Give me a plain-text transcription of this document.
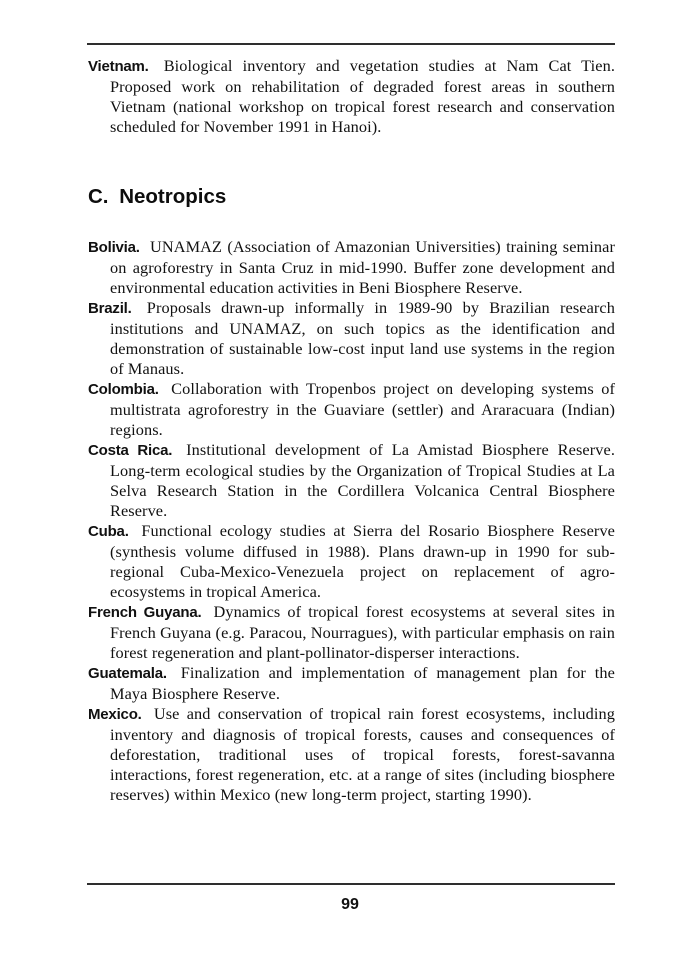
Vietnam. Biological inventory and vegetation studies at Nam Cat Tien. Proposed work on rehabilitation of degraded forest areas in southern Vietnam (national workshop on tropical forest research and conservation scheduled for November 1991 in Hanoi).

C. Neotropics

Bolivia. UNAMAZ (Association of Amazonian Universities) training seminar on agroforestry in Santa Cruz in mid-1990. Buffer zone development and environmental education activities in Beni Biosphere Reserve.

Brazil. Proposals drawn-up informally in 1989-90 by Brazilian research institutions and UNAMAZ, on such topics as the identification and demonstration of sustainable low-cost input land use systems in the region of Manaus.

Colombia. Collaboration with Tropenbos project on developing systems of multistrata agroforestry in the Guaviare (settler) and Araracuara (Indian) regions.

Costa Rica. Institutional development of La Amistad Biosphere Reserve. Long-term ecological studies by the Organization of Tropical Studies at La Selva Research Station in the Cordillera Volcanica Central Biosphere Reserve.

Cuba. Functional ecology studies at Sierra del Rosario Biosphere Reserve (synthesis volume diffused in 1988). Plans drawn-up in 1990 for sub-regional Cuba-Mexico-Venezuela project on replacement of agro-ecosystems in tropical America.

French Guyana. Dynamics of tropical forest ecosystems at several sites in French Guyana (e.g. Paracou, Nourragues), with particular emphasis on rain forest regeneration and plant-pollinator-disperser interactions.

Guatemala. Finalization and implementation of management plan for the Maya Biosphere Reserve.

Mexico. Use and conservation of tropical rain forest ecosystems, including inventory and diagnosis of tropical forests, causes and consequences of deforestation, traditional uses of tropical forests, forest-savanna interactions, forest regeneration, etc. at a range of sites (including biosphere reserves) within Mexico (new long-term project, starting 1990).

99
